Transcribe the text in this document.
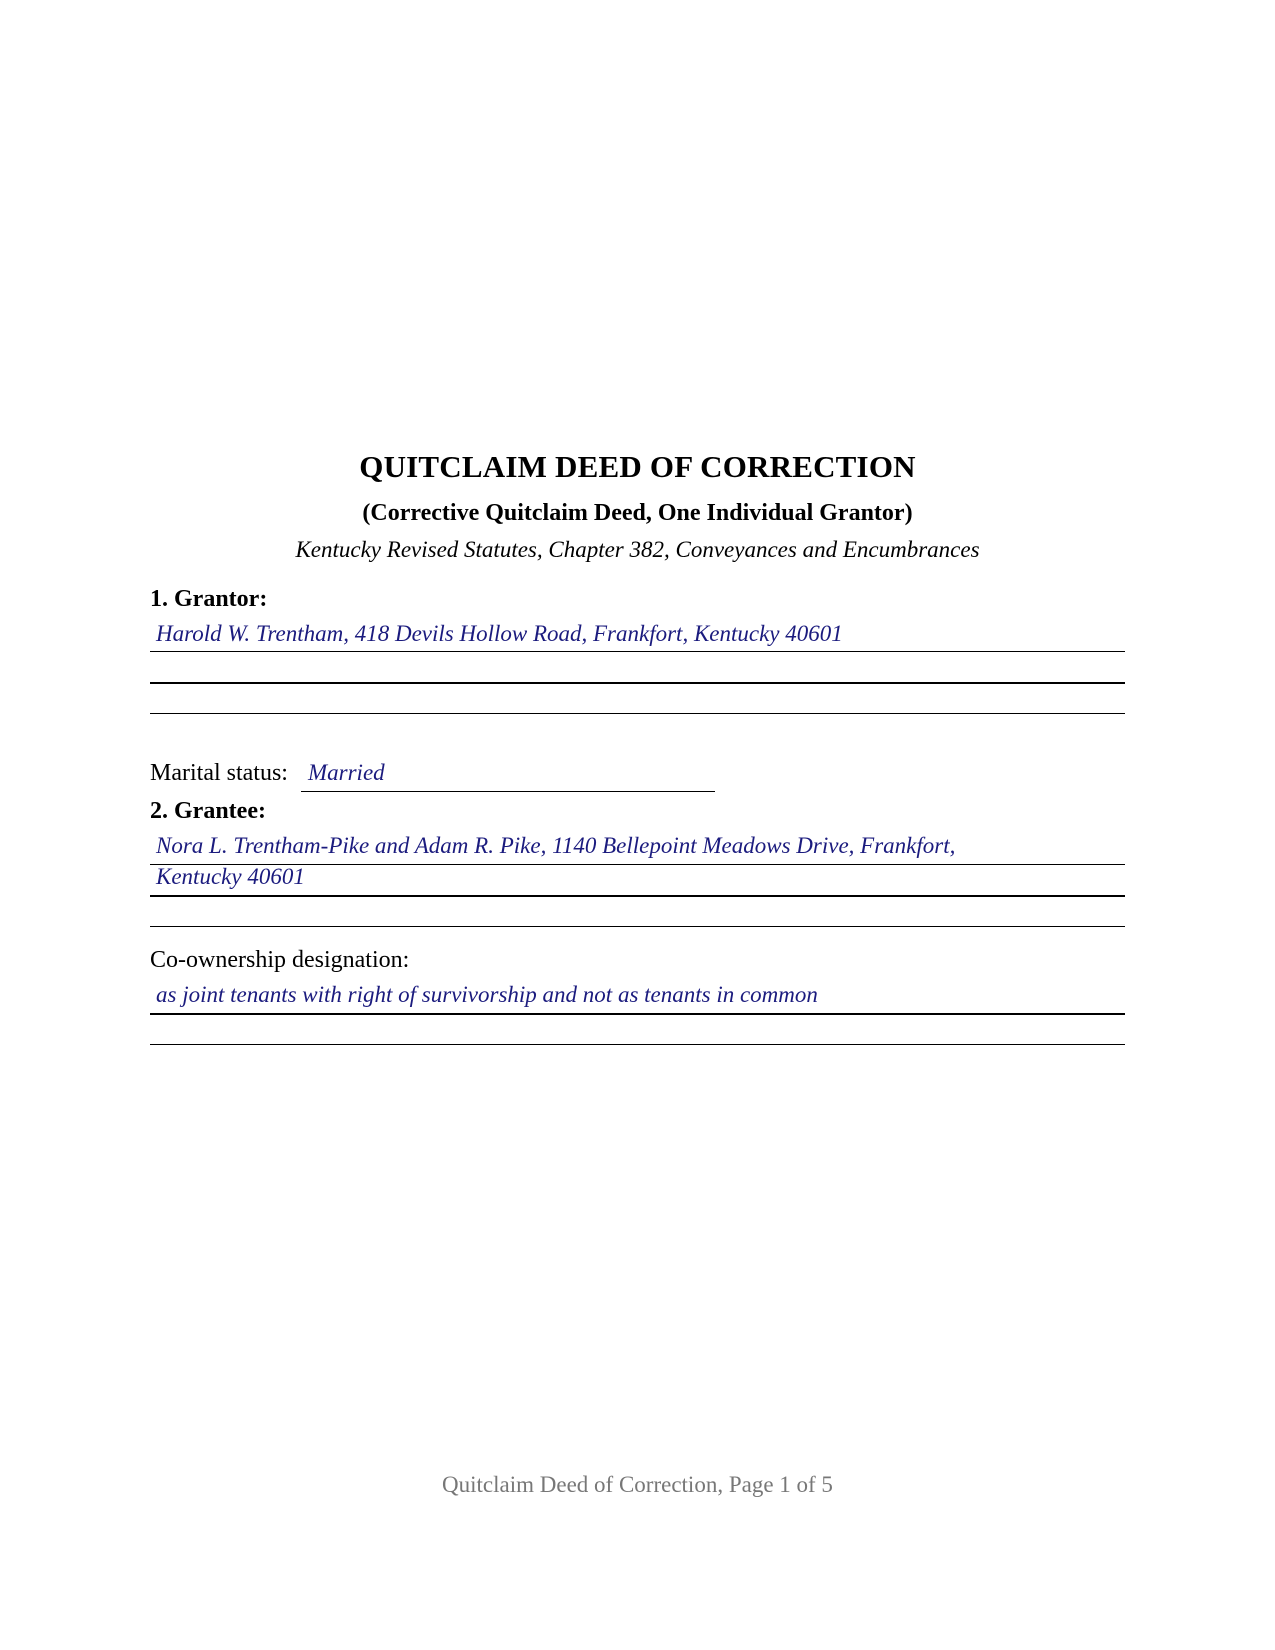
QUITCLAIM DEED OF CORRECTION
(Corrective Quitclaim Deed, One Individual Grantor)
Kentucky Revised Statutes, Chapter 382, Conveyances and Encumbrances
1. Grantor:
Harold W. Trentham, 418 Devils Hollow Road, Frankfort, Kentucky 40601
Marital status: Married
2. Grantee:
Nora L. Trentham-Pike and Adam R. Pike, 1140 Bellepoint Meadows Drive, Frankfort,
Kentucky 40601
Co-ownership designation:
as joint tenants with right of survivorship and not as tenants in common
Quitclaim Deed of Correction, Page 1 of 5
